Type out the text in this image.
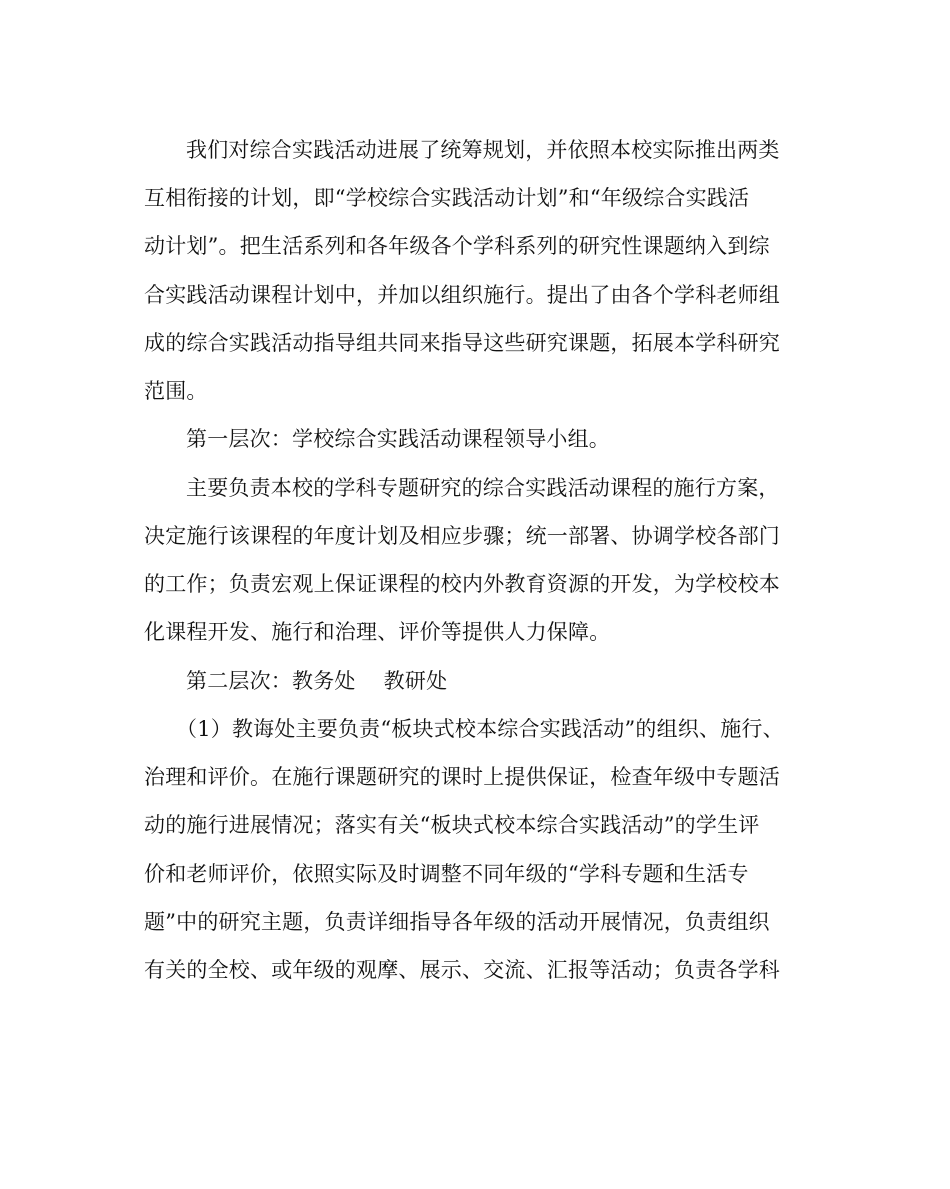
我们对综合实践活动进展了统筹规划，并依照本校实际推出两类
互相衔接的计划，即“学校综合实践活动计划”和“年级综合实践活
动计划”。把生活系列和各年级各个学科系列的研究性课题纳入到综
合实践活动课程计划中，并加以组织施行。提出了由各个学科老师组
成的综合实践活动指导组共同来指导这些研究课题，拓展本学科研究
范围。
第一层次：学校综合实践活动课程领导小组。
主要负责本校的学科专题研究的综合实践活动课程的施行方案，
决定施行该课程的年度计划及相应步骤；统一部署、协调学校各部门
的工作；负责宏观上保证课程的校内外教育资源的开发，为学校校本
化课程开发、施行和治理、评价等提供人力保障。
第二层次：教务处　 教研处
（1）教诲处主要负责“板块式校本综合实践活动”的组织、施行、
治理和评价。在施行课题研究的课时上提供保证，检查年级中专题活
动的施行进展情况；落实有关“板块式校本综合实践活动”的学生评
价和老师评价，依照实际及时调整不同年级的“学科专题和生活专
题”中的研究主题，负责详细指导各年级的活动开展情况，负责组织
有关的全校、或年级的观摩、展示、交流、汇报等活动；负责各学科
